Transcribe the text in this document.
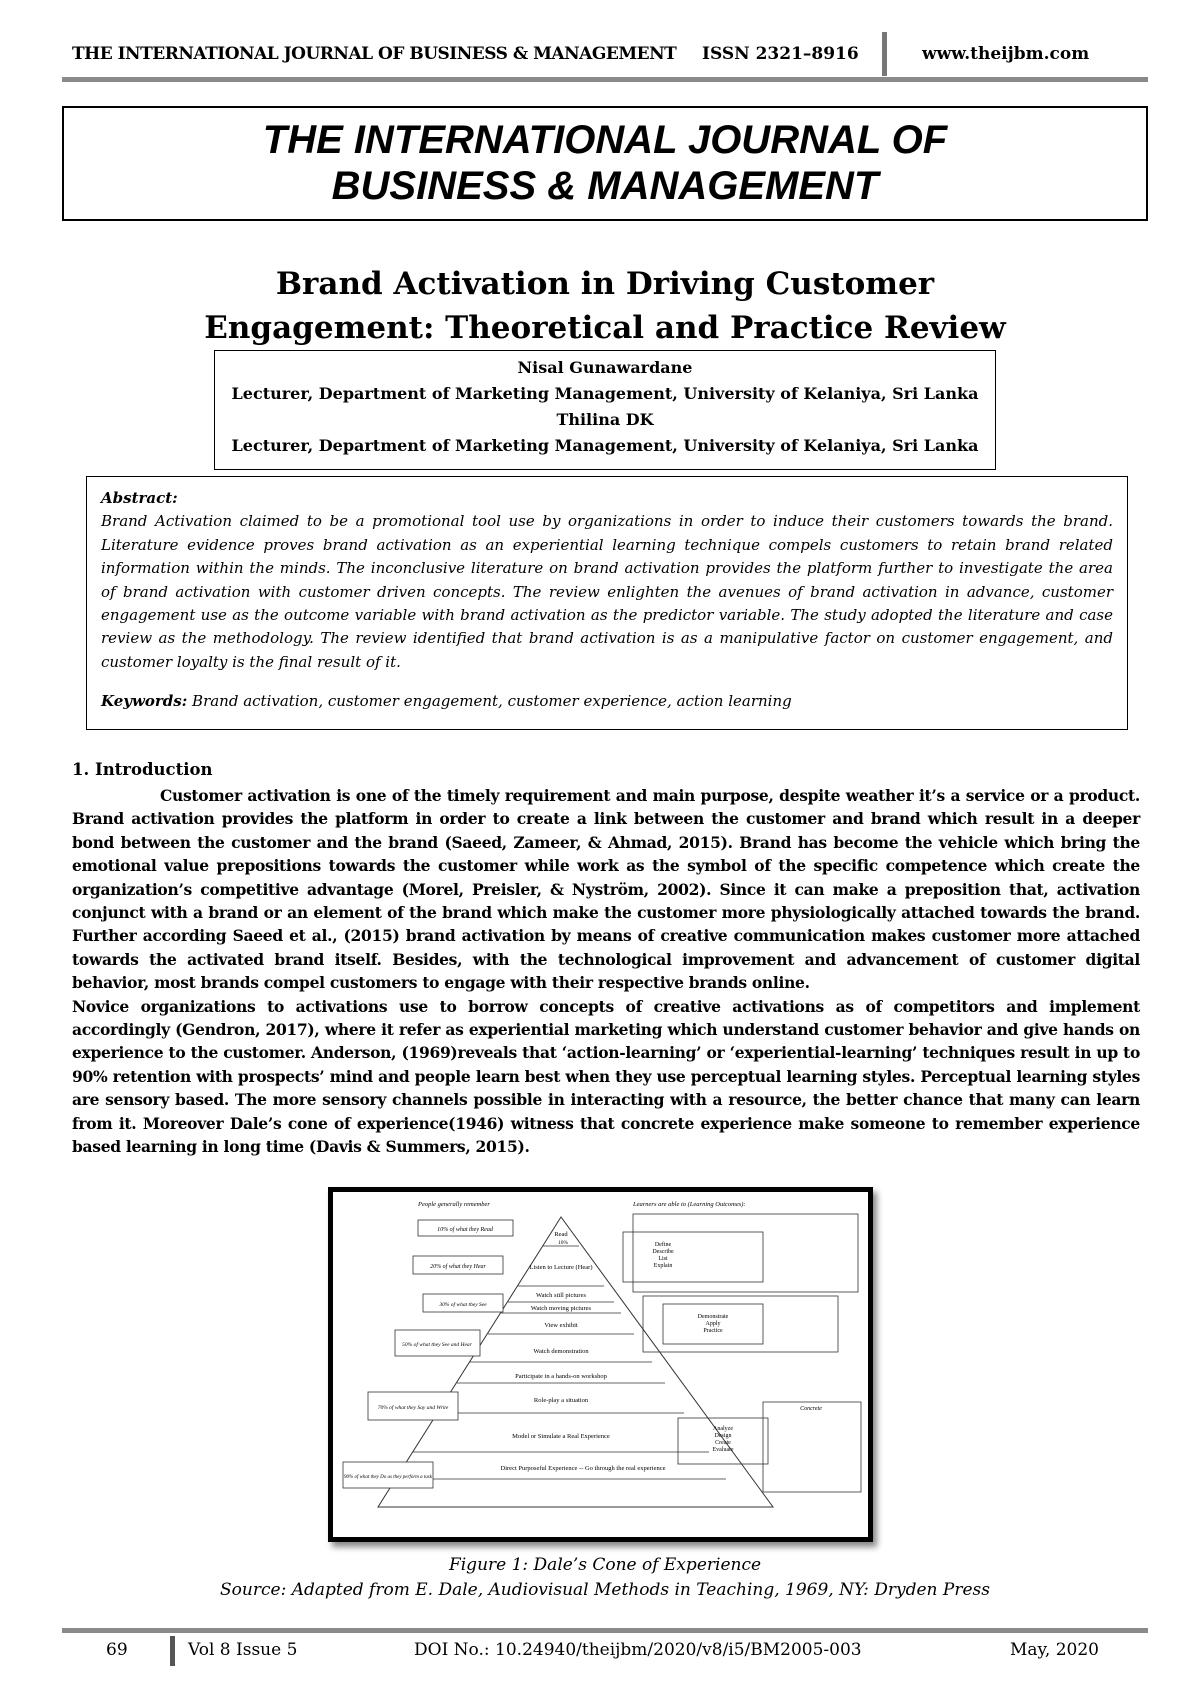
THE INTERNATIONAL JOURNAL OF BUSINESS & MANAGEMENT ISSN 2321–8916	www.theijbm.com
THE INTERNATIONAL JOURNAL OF
BUSINESS & MANAGEMENT
Brand Activation in Driving Customer
Engagement: Theoretical and Practice Review
Nisal Gunawardane
Lecturer, Department of Marketing Management, University of Kelaniya, Sri Lanka
Thilina DK
Lecturer, Department of Marketing Management, University of Kelaniya, Sri Lanka
Abstract:
Brand Activation claimed to be a promotional tool use by organizations in order to induce their customers towards the brand. Literature evidence proves brand activation as an experiential learning technique compels customers to retain brand related information within the minds. The inconclusive literature on brand activation provides the platform further to investigate the area of brand activation with customer driven concepts. The review enlighten the avenues of brand activation in advance, customer engagement use as the outcome variable with brand activation as the predictor variable. The study adopted the literature and case review as the methodology. The review identified that brand activation is as a manipulative factor on customer engagement, and customer loyalty is the final result of it.
Keywords: Brand activation, customer engagement, customer experience, action learning
1. Introduction

Customer activation is one of the timely requirement and main purpose, despite weather it’s a service or a product. Brand activation provides the platform in order to create a link between the customer and brand which result in a deeper bond between the customer and the brand (Saeed, Zameer, & Ahmad, 2015). Brand has become the vehicle which bring the emotional value prepositions towards the customer while work as the symbol of the specific competence which create the organization’s competitive advantage (Morel, Preisler, & Nyström, 2002). Since it can make a preposition that, activation conjunct with a brand or an element of the brand which make the customer more physiologically attached towards the brand. Further according Saeed et al., (2015) brand activation by means of creative communication makes customer more attached towards the activated brand itself. Besides, with the technological improvement and advancement of customer digital behavior, most brands compel customers to engage with their respective brands online.

Novice organizations to activations use to borrow concepts of creative activations as of competitors and implement accordingly (Gendron, 2017), where it refer as experiential marketing which understand customer behavior and give hands on experience to the customer. Anderson, (1969)reveals that ‘action-learning’ or ‘experiential-learning’ techniques result in up to 90% retention with prospects’ mind and people learn best when they use perceptual learning styles. Perceptual learning styles are sensory based. The more sensory channels possible in interacting with a resource, the better chance that many can learn from it. Moreover Dale’s cone of experience(1946) witness that concrete experience make someone to remember experience based learning in long time (Davis & Summers, 2015).

People generally remember	Learners are able to (Learning Outcomes):
Read
10%
Listen to Lecture (Hear)
Watch still pictures
Watch moving pictures
View exhibit
Watch demonstration
Participate in a hands-on workshop
Role-play a situation
Model or Simulate a Real Experience
Direct Purposeful Experience -- Go through the real experience
10% of what they Read
20% of what they Hear
30% of what they See
50% of what they See and Hear
70% of what they Say and Write
90% of what they Do as they perform a task
Define
Describe
List
Explain
Demonstrate
Apply
Practice
Analyze
Design
Create
Evaluate
Concrete
Figure 1: Dale’s Cone of Experience
Source: Adapted from E. Dale, Audiovisual Methods in Teaching, 1969, NY: Dryden Press
69	Vol 8 Issue 5	DOI No.: 10.24940/theijbm/2020/v8/i5/BM2005-003	May, 2020
